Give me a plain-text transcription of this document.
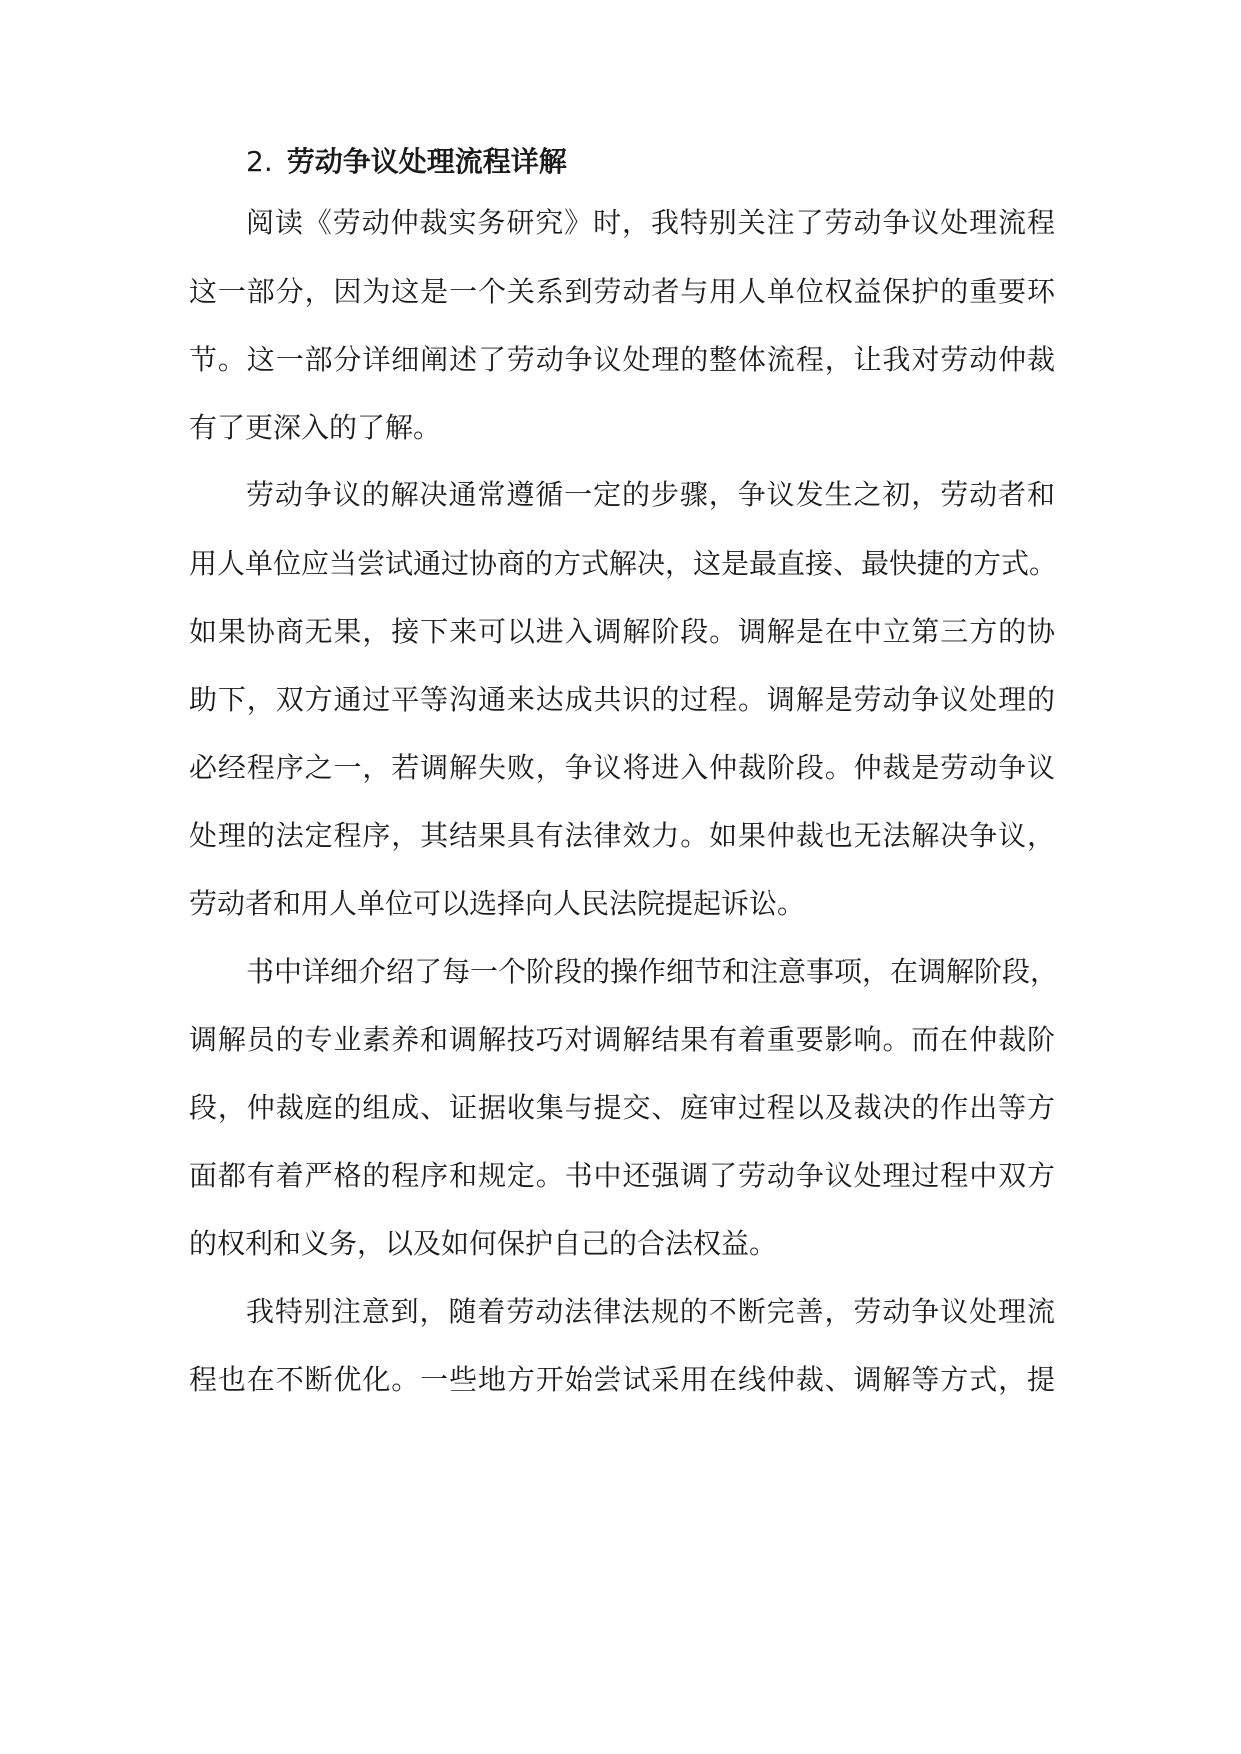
2. 劳动争议处理流程详解
阅读《劳动仲裁实务研究》时，我特别关注了劳动争议处理流程
这一部分，因为这是一个关系到劳动者与用人单位权益保护的重要环
节。这一部分详细阐述了劳动争议处理的整体流程，让我对劳动仲裁
有了更深入的了解。
劳动争议的解决通常遵循一定的步骤，争议发生之初，劳动者和
用人单位应当尝试通过协商的方式解决，这是最直接、最快捷的方式。
如果协商无果，接下来可以进入调解阶段。调解是在中立第三方的协
助下，双方通过平等沟通来达成共识的过程。调解是劳动争议处理的
必经程序之一，若调解失败，争议将进入仲裁阶段。仲裁是劳动争议
处理的法定程序，其结果具有法律效力。如果仲裁也无法解决争议，
劳动者和用人单位可以选择向人民法院提起诉讼。
书中详细介绍了每一个阶段的操作细节和注意事项，在调解阶段，
调解员的专业素养和调解技巧对调解结果有着重要影响。而在仲裁阶
段，仲裁庭的组成、证据收集与提交、庭审过程以及裁决的作出等方
面都有着严格的程序和规定。书中还强调了劳动争议处理过程中双方
的权利和义务，以及如何保护自己的合法权益。
我特别注意到，随着劳动法律法规的不断完善，劳动争议处理流
程也在不断优化。一些地方开始尝试采用在线仲裁、调解等方式，提
